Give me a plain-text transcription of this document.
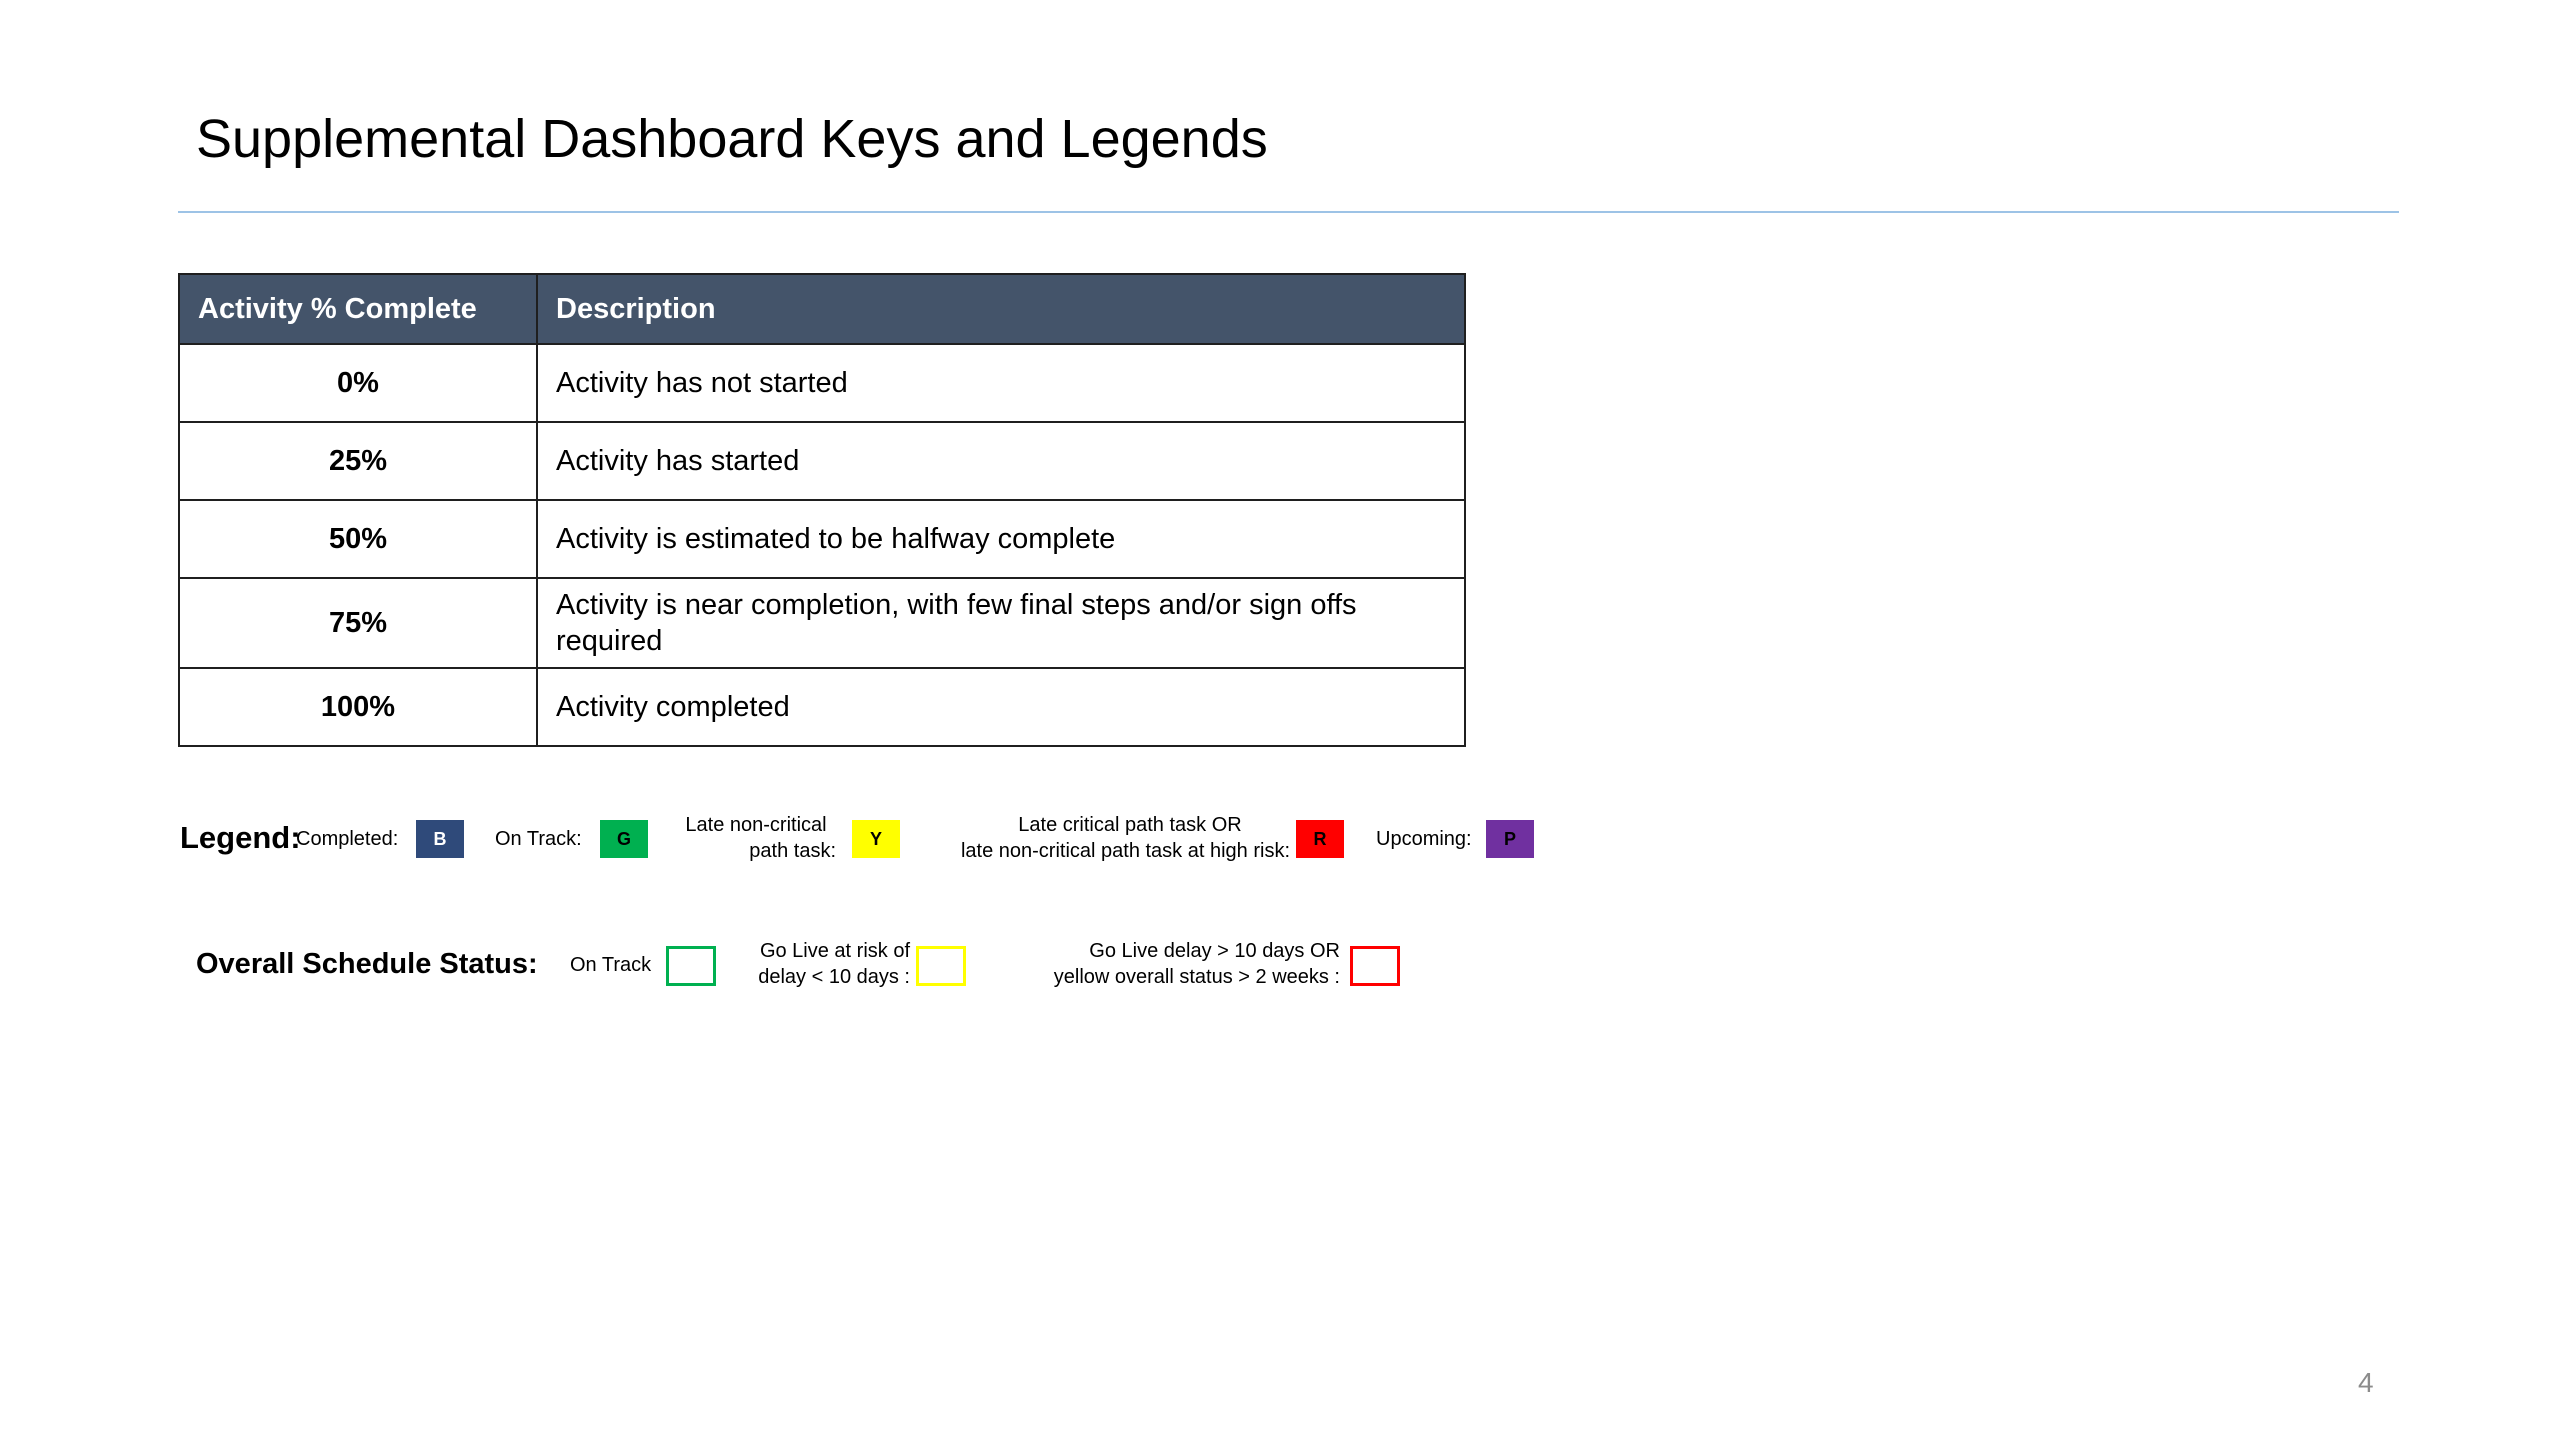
Supplemental Dashboard Keys and Legends
Activity % Complete	Description
0%	Activity has not started
25%	Activity has started
50%	Activity is estimated to be halfway complete
75%	Activity is near completion, with few final steps and/or sign offs required
100%	Activity completed
Legend:
Completed:	B	On Track:	G
Late non-critical
path task:
Y
Late critical path task OR
late non-critical path task at high risk:
R	Upcoming:	P
Overall Schedule Status: On Track
Go Live at risk of
delay < 10 days :
Go Live delay > 10 days OR
yellow overall status > 2 weeks :
4
